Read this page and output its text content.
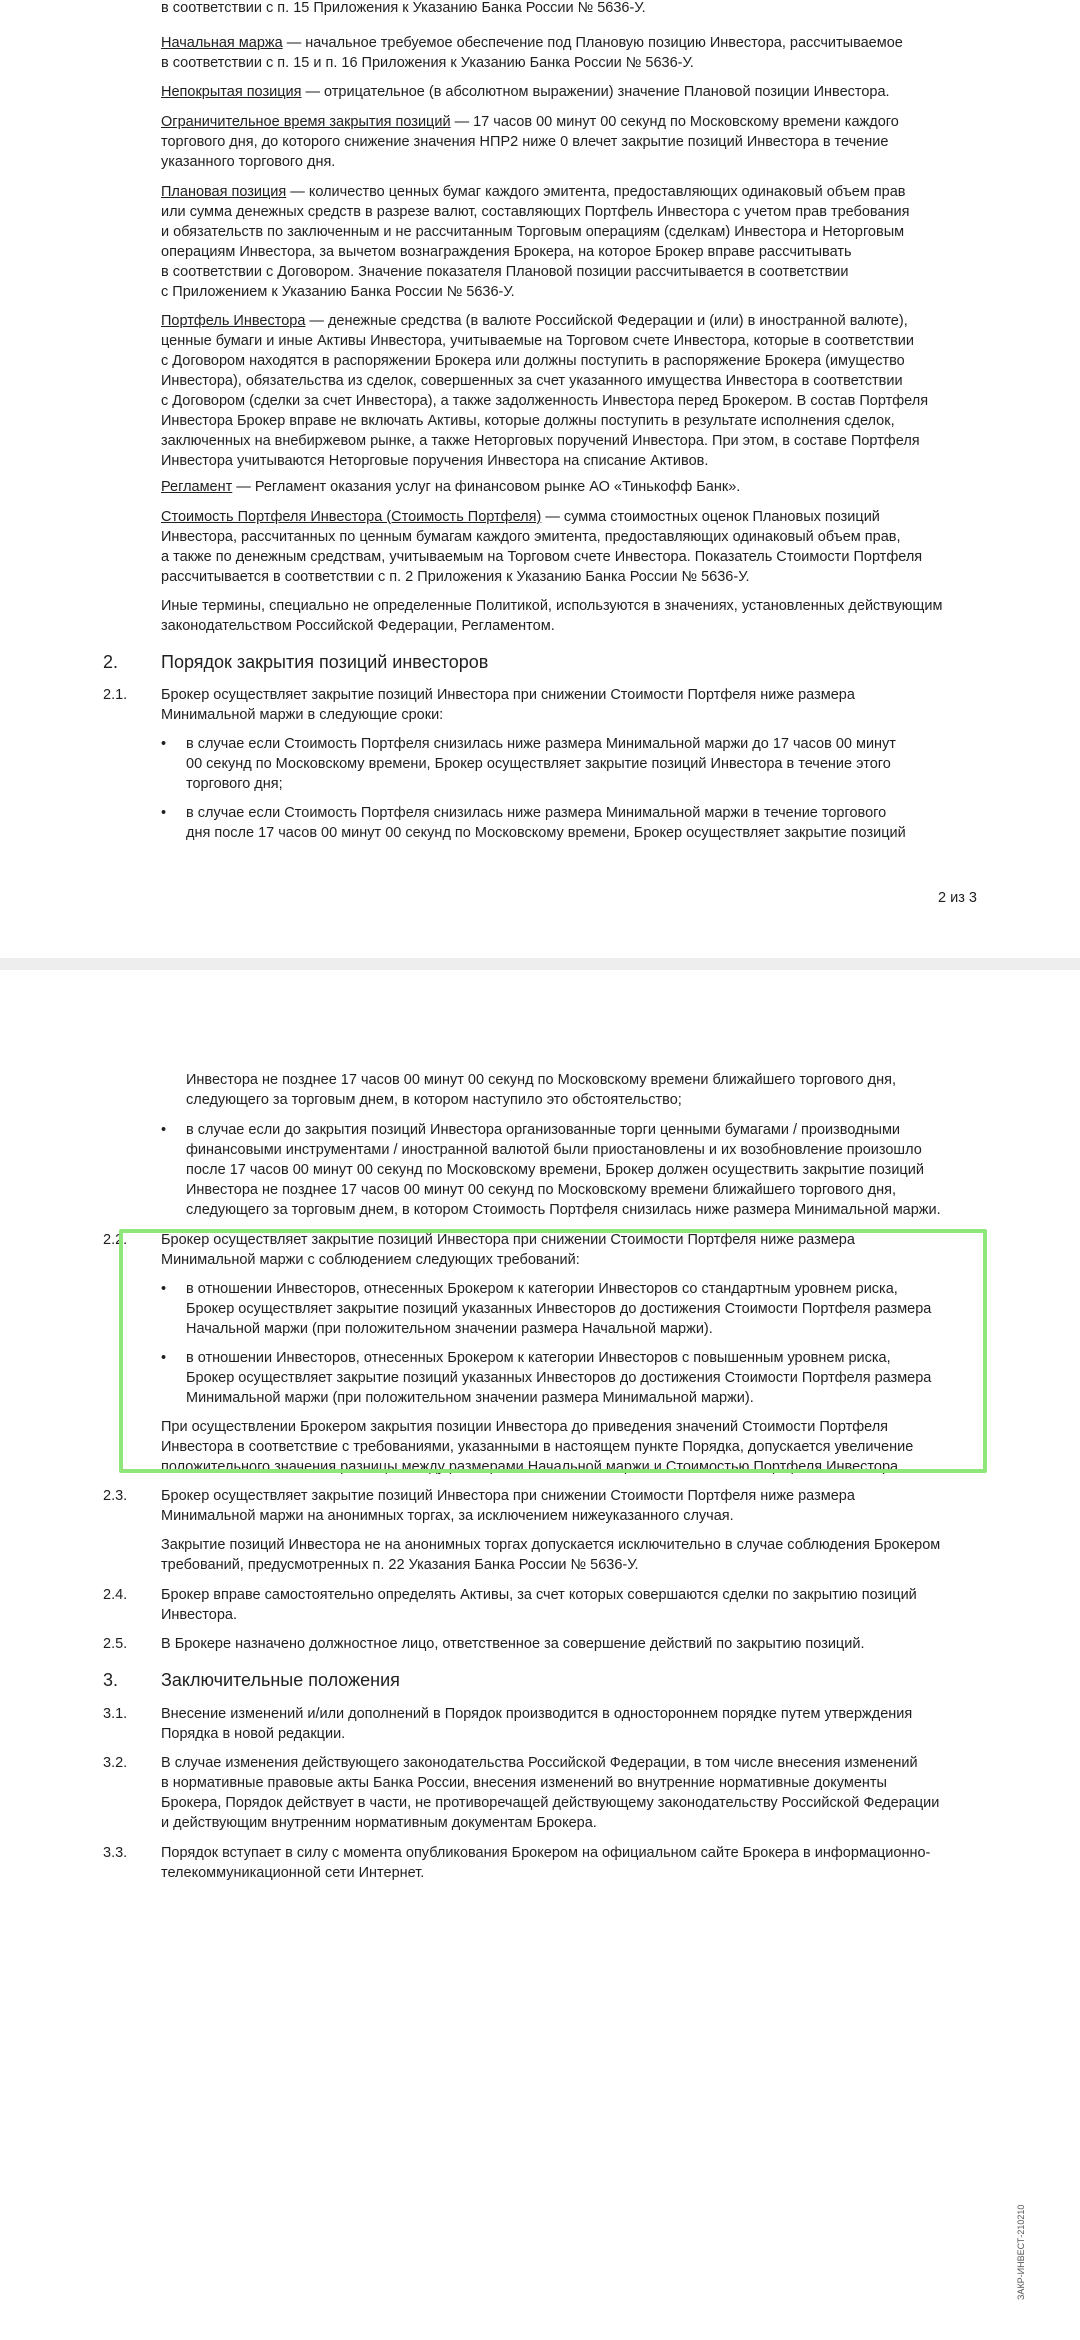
в соответствии с п. 15 Приложения к Указанию Банка России № 5636‑У.
Начальная маржа — начальное требуемое обеспечение под Плановую позицию Инвестора, рассчитываемое
в соответствии с п. 15 и п. 16 Приложения к Указанию Банка России № 5636‑У.
Непокрытая позиция — отрицательное (в абсолютном выражении) значение Плановой позиции Инвестора.
Ограничительное время закрытия позиций — 17 часов 00 минут 00 секунд по Московскому времени каждого
торгового дня, до которого снижение значения НПР2 ниже 0 влечет закрытие позиций Инвестора в течение
указанного торгового дня.
Плановая позиция — количество ценных бумаг каждого эмитента, предоставляющих одинаковый объем прав
или сумма денежных средств в разрезе валют, составляющих Портфель Инвестора с учетом прав требования
и обязательств по заключенным и не рассчитанным Торговым операциям (сделкам) Инвестора и Неторговым
операциям Инвестора, за вычетом вознаграждения Брокера, на которое Брокер вправе рассчитывать
в соответствии с Договором. Значение показателя Плановой позиции рассчитывается в соответствии
с Приложением к Указанию Банка России № 5636‑У.
Портфель Инвестора — денежные средства (в валюте Российской Федерации и (или) в иностранной валюте),
ценные бумаги и иные Активы Инвестора, учитываемые на Торговом счете Инвестора, которые в соответствии
с Договором находятся в распоряжении Брокера или должны поступить в распоряжение Брокера (имущество
Инвестора), обязательства из сделок, совершенных за счет указанного имущества Инвестора в соответствии
с Договором (сделки за счет Инвестора), а также задолженность Инвестора перед Брокером. В состав Портфеля
Инвестора Брокер вправе не включать Активы, которые должны поступить в результате исполнения сделок,
заключенных на внебиржевом рынке, а также Неторговых поручений Инвестора. При этом, в составе Портфеля
Инвестора учитываются Неторговые поручения Инвестора на списание Активов.
Регламент — Регламент оказания услуг на финансовом рынке АО «Тинькофф Банк».
Стоимость Портфеля Инвестора (Стоимость Портфеля) — сумма стоимостных оценок Плановых позиций
Инвестора, рассчитанных по ценным бумагам каждого эмитента, предоставляющих одинаковый объем прав,
а также по денежным средствам, учитываемым на Торговом счете Инвестора. Показатель Стоимости Портфеля
рассчитывается в соответствии с п. 2 Приложения к Указанию Банка России № 5636‑У.
Иные термины, специально не определенные Политикой, используются в значениях, установленных действующим
законодательством Российской Федерации, Регламентом.
2. Порядок закрытия позиций инвесторов
2.1. Брокер осуществляет закрытие позиций Инвестора при снижении Стоимости Портфеля ниже размера
Минимальной маржи в следующие сроки:
• в случае если Стоимость Портфеля снизилась ниже размера Минимальной маржи до 17 часов 00 минут
00 секунд по Московскому времени, Брокер осуществляет закрытие позиций Инвестора в течение этого
торгового дня;
• в случае если Стоимость Портфеля снизилась ниже размера Минимальной маржи в течение торгового
дня после 17 часов 00 минут 00 секунд по Московскому времени, Брокер осуществляет закрытие позиций
2 из 3
Инвестора не позднее 17 часов 00 минут 00 секунд по Московскому времени ближайшего торгового дня,
следующего за торговым днем, в котором наступило это обстоятельство;
• в случае если до закрытия позиций Инвестора организованные торги ценными бумагами / производными
финансовыми инструментами / иностранной валютой были приостановлены и их возобновление произошло
после 17 часов 00 минут 00 секунд по Московскому времени, Брокер должен осуществить закрытие позиций
Инвестора не позднее 17 часов 00 минут 00 секунд по Московскому времени ближайшего торгового дня,
следующего за торговым днем, в котором Стоимость Портфеля снизилась ниже размера Минимальной маржи.
2.2. Брокер осуществляет закрытие позиций Инвестора при снижении Стоимости Портфеля ниже размера
Минимальной маржи с соблюдением следующих требований:
• в отношении Инвесторов, отнесенных Брокером к категории Инвесторов со стандартным уровнем риска,
Брокер осуществляет закрытие позиций указанных Инвесторов до достижения Стоимости Портфеля размера
Начальной маржи (при положительном значении размера Начальной маржи).
• в отношении Инвесторов, отнесенных Брокером к категории Инвесторов с повышенным уровнем риска,
Брокер осуществляет закрытие позиций указанных Инвесторов до достижения Стоимости Портфеля размера
Минимальной маржи (при положительном значении размера Минимальной маржи).
При осуществлении Брокером закрытия позиции Инвестора до приведения значений Стоимости Портфеля
Инвестора в соответствие с требованиями, указанными в настоящем пункте Порядка, допускается увеличение
положительного значения разницы между размерами Начальной маржи и Стоимостью Портфеля Инвестора.
2.3. Брокер осуществляет закрытие позиций Инвестора при снижении Стоимости Портфеля ниже размера
Минимальной маржи на анонимных торгах, за исключением нижеуказанного случая.
Закрытие позиций Инвестора не на анонимных торгах допускается исключительно в случае соблюдения Брокером
требований, предусмотренных п. 22 Указания Банка России № 5636‑У.
2.4. Брокер вправе самостоятельно определять Активы, за счет которых совершаются сделки по закрытию позиций
Инвестора.
2.5. В Брокере назначено должностное лицо, ответственное за совершение действий по закрытию позиций.
3. Заключительные положения
3.1. Внесение изменений и/или дополнений в Порядок производится в одностороннем порядке путем утверждения
Порядка в новой редакции.
3.2. В случае изменения действующего законодательства Российской Федерации, в том числе внесения изменений
в нормативные правовые акты Банка России, внесения изменений во внутренние нормативные документы
Брокера, Порядок действует в части, не противоречащей действующему законодательству Российской Федерации
и действующим внутренним нормативным документам Брокера.
3.3. Порядок вступает в силу с момента опубликования Брокером на официальном сайте Брокера в информационно-
телекоммуникационной сети Интернет.
ЗАКР-ИНВЕСТ-210210
